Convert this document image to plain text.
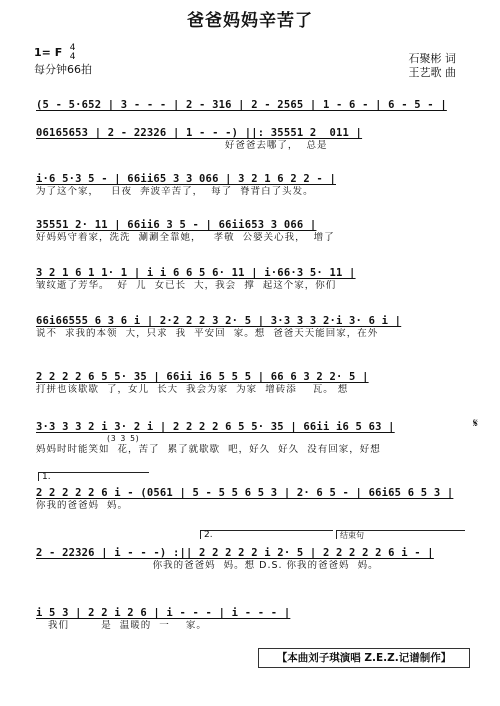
爸爸妈妈辛苦了
1= F 4
4
每分钟66拍
石聚彬 词
王艺歌 曲
(5 - 5·652 | 3 - - - | 2 - 316 | 2 - 2565 | 1 - 6 - | 6 - 5 - |
06165653 | 2 - 22326 | 1 - - -) ||: 35551 2  011 |
好爸爸去哪了，  总是
i·6 5·3 5 - | 66ii65 3 3 066 | 3 2 1 6 2 2 - |
为了这个家，   日夜  奔波辛苦了，  每了  脊背白了头发。
35551 2· 11 | 66ii6 3 5 - | 66ii653 3 066 |
好妈妈守着家，洗洗  涮涮全靠她，   孝敬  公婆关心我，  增了
3 2 1 6 1 1· 1 | i i 6 6 5 6· 11 | i·66·3 5· 11 |
皱纹逝了芳华。  好  儿  女已长  大，我会  撑  起这个家，你们
66i66555 6 3 6 i | 2·2 2 2 3 2· 5 | 3·3 3 3 2·i 3· 6 i |
说不  求我的本领  大，只求  我  平安回  家。想  爸爸天天能回家，在外
2 2 2 2 6 5 5· 35 | 66ii i6 5 5 5 | 66 6 3 2 2· 5 |
打拼也该歇歇  了，女儿  长大  我会为家  为家  增砖添    瓦。 想
3·3 3 3 2 i 3· 2 i | 2 2 2 2 6 5 5· 35 | 66ii i6 5 63 |
(3 3 5)
妈妈时时能笑如  花，苦了  累了就歇歇  吧，好久  好久  没有回家，好想
𝄋
1.
2 2 2 2 2 6 i - (0561 | 5 - 5 5 6 5 3 | 2· 6 5 - | 66i65 6 5 3 |
你我的爸爸妈  妈。
2.	结束句
2 - 22326 | i - - -) :|| 2 2 2 2 2 i 2· 5 | 2 2 2 2 2 6 i - |
你我的爸爸妈  妈。想 D.S. 你我的爸爸妈  妈。
i 5 3 | 2 2 i 2 6 | i - - - | i - - - |
我们        是  温暖的  一    家。
【本曲刘子琪演唱 Z.E.Z.记谱制作】
